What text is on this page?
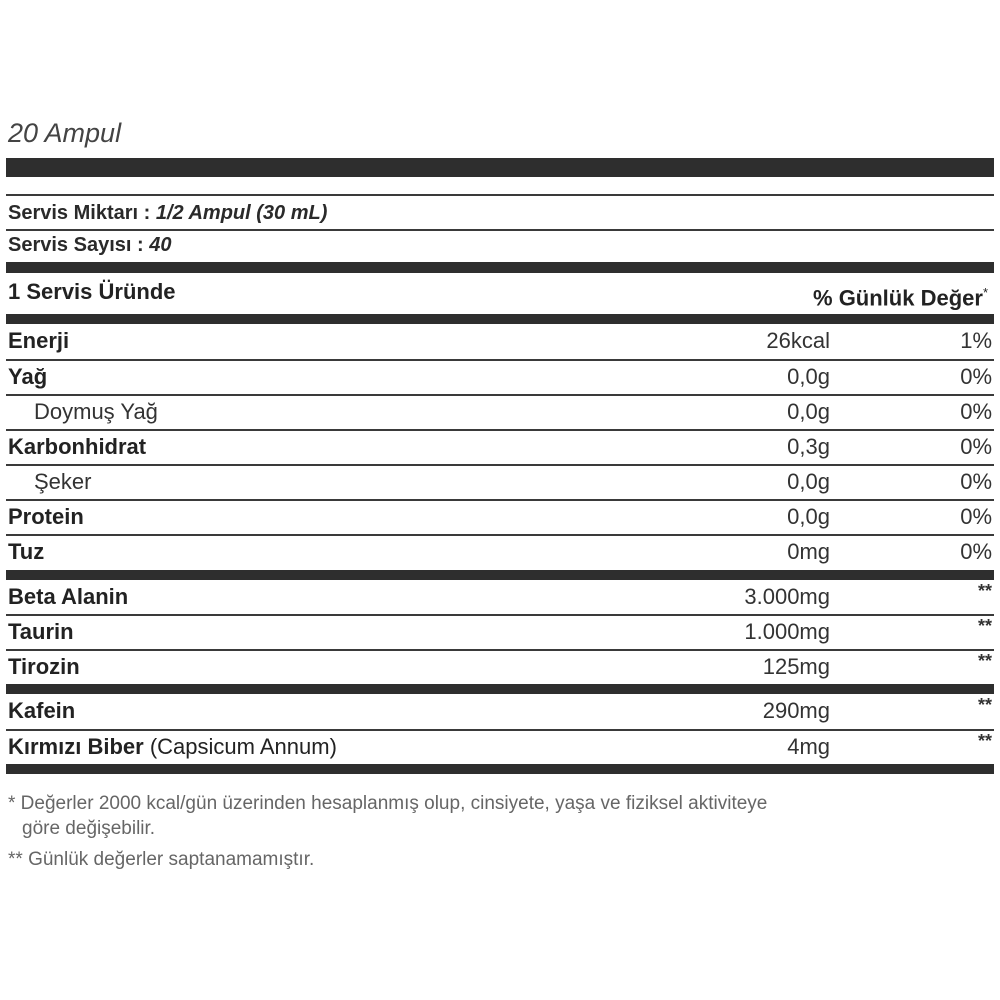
20 Ampul
Servis Miktarı : 1/2 Ampul (30 mL)
Servis Sayısı : 40
1 Servis Üründe	% Günlük Değer*
Enerji	26kcal	1%
Yağ	0,0g	0%
Doymuş Yağ	0,0g	0%
Karbonhidrat	0,3g	0%
Şeker	0,0g	0%
Protein	0,0g	0%
Tuz	0mg	0%
Beta Alanin	3.000mg	**
Taurin	1.000mg	**
Tirozin	125mg	**
Kafein	290mg	**
Kırmızı Biber (Capsicum Annum)	4mg	**
* Değerler 2000 kcal/gün üzerinden hesaplanmış olup, cinsiyete, yaşa ve fiziksel aktiviteye
göre değişebilir.
** Günlük değerler saptanamamıştır.
